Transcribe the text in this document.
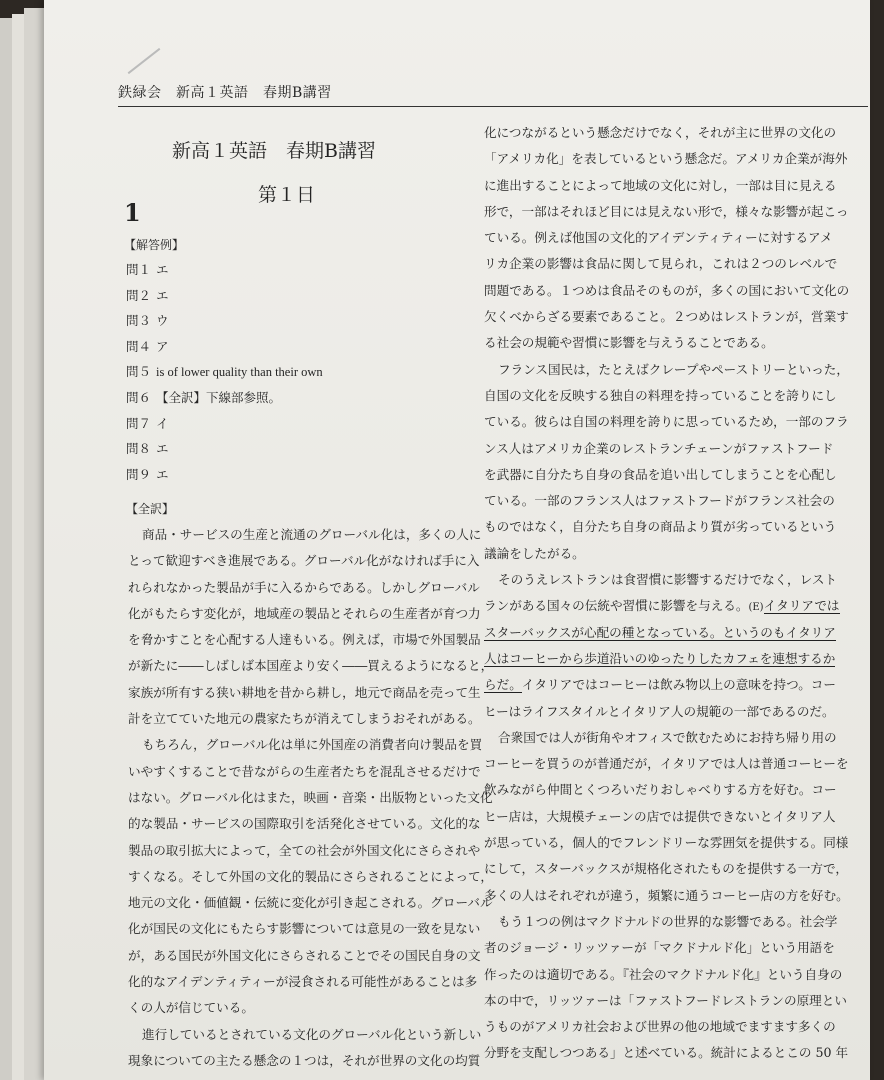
鉄緑会　新高１英語　春期B講習
新高１英語　春期B講習
第１日
1
【解答例】
問１ エ
問２ エ
問３ ウ
問４ ア
問５ is of lower quality than their own
問６ 【全訳】下線部参照。
問７ イ
問８ エ
問９ エ
【全訳】
商品・サービスの生産と流通のグローバル化は，多くの人に
とって歓迎すべき進展である。グローバル化がなければ手に入
れられなかった製品が手に入るからである。しかしグローバル
化がもたらす変化が，地域産の製品とそれらの生産者が育つ力
を脅かすことを心配する人達もいる。例えば，市場で外国製品
が新たに――しばしば本国産より安く――買えるようになると，
家族が所有する狭い耕地を昔から耕し，地元で商品を売って生
計を立てていた地元の農家たちが消えてしまうおそれがある。
もちろん，グローバル化は単に外国産の消費者向け製品を買
いやすくすることで昔ながらの生産者たちを混乱させるだけで
はない。グローバル化はまた，映画・音楽・出版物といった文化
的な製品・サービスの国際取引を活発化させている。文化的な
製品の取引拡大によって，全ての社会が外国文化にさらされや
すくなる。そして外国の文化的製品にさらされることによって，
地元の文化・価値観・伝統に変化が引き起こされる。グローバル
化が国民の文化にもたらす影響については意見の一致を見ない
が，ある国民が外国文化にさらされることでその国民自身の文
化的なアイデンティティーが浸食される可能性があることは多
くの人が信じている。
進行しているとされている文化のグローバル化という新しい
現象についての主たる懸念の１つは，それが世界の文化の均質
化につながるという懸念だけでなく，それが主に世界の文化の
「アメリカ化」を表しているという懸念だ。アメリカ企業が海外
に進出することによって地域の文化に対し，一部は目に見える
形で，一部はそれほど目には見えない形で，様々な影響が起こっ
ている。例えば他国の文化的アイデンティティーに対するアメ
リカ企業の影響は食品に関して見られ，これは２つのレベルで
問題である。１つめは食品そのものが，多くの国において文化の
欠くべからざる要素であること。２つめはレストランが，営業す
る社会の規範や習慣に影響を与えうることである。
フランス国民は，たとえばクレープやペーストリーといった，
自国の文化を反映する独自の料理を持っていることを誇りにし
ている。彼らは自国の料理を誇りに思っているため，一部のフラ
ンス人はアメリカ企業のレストランチェーンがファストフード
を武器に自分たち自身の食品を追い出してしまうことを心配し
ている。一部のフランス人はファストフードがフランス社会の
ものではなく，自分たち自身の商品より質が劣っているという
議論をしたがる。
そのうえレストランは食習慣に影響するだけでなく，レスト
ランがある国々の伝統や習慣に影響を与える。(E)イタリアでは
スターバックスが心配の種となっている。というのもイタリア
人はコーヒーから歩道沿いのゆったりしたカフェを連想するか
らだ。イタリアではコーヒーは飲み物以上の意味を持つ。コー
ヒーはライフスタイルとイタリア人の規範の一部であるのだ。
合衆国では人が街角やオフィスで飲むためにお持ち帰り用の
コーヒーを買うのが普通だが，イタリアでは人は普通コーヒーを
飲みながら仲間とくつろいだりおしゃべりする方を好む。コー
ヒー店は，大規模チェーンの店では提供できないとイタリア人
が思っている，個人的でフレンドリーな雰囲気を提供する。同様
にして，スターバックスが規格化されたものを提供する一方で，
多くの人はそれぞれが違う，頻繁に通うコーヒー店の方を好む。
もう１つの例はマクドナルドの世界的な影響である。社会学
者のジョージ・リッツァーが「マクドナルド化」という用語を
作ったのは適切である。『社会のマクドナルド化』という自身の
本の中で，リッツァーは「ファストフードレストランの原理とい
うものがアメリカ社会および世界の他の地域でますます多くの
分野を支配しつつある」と述べている。統計によるとこの 50 年
